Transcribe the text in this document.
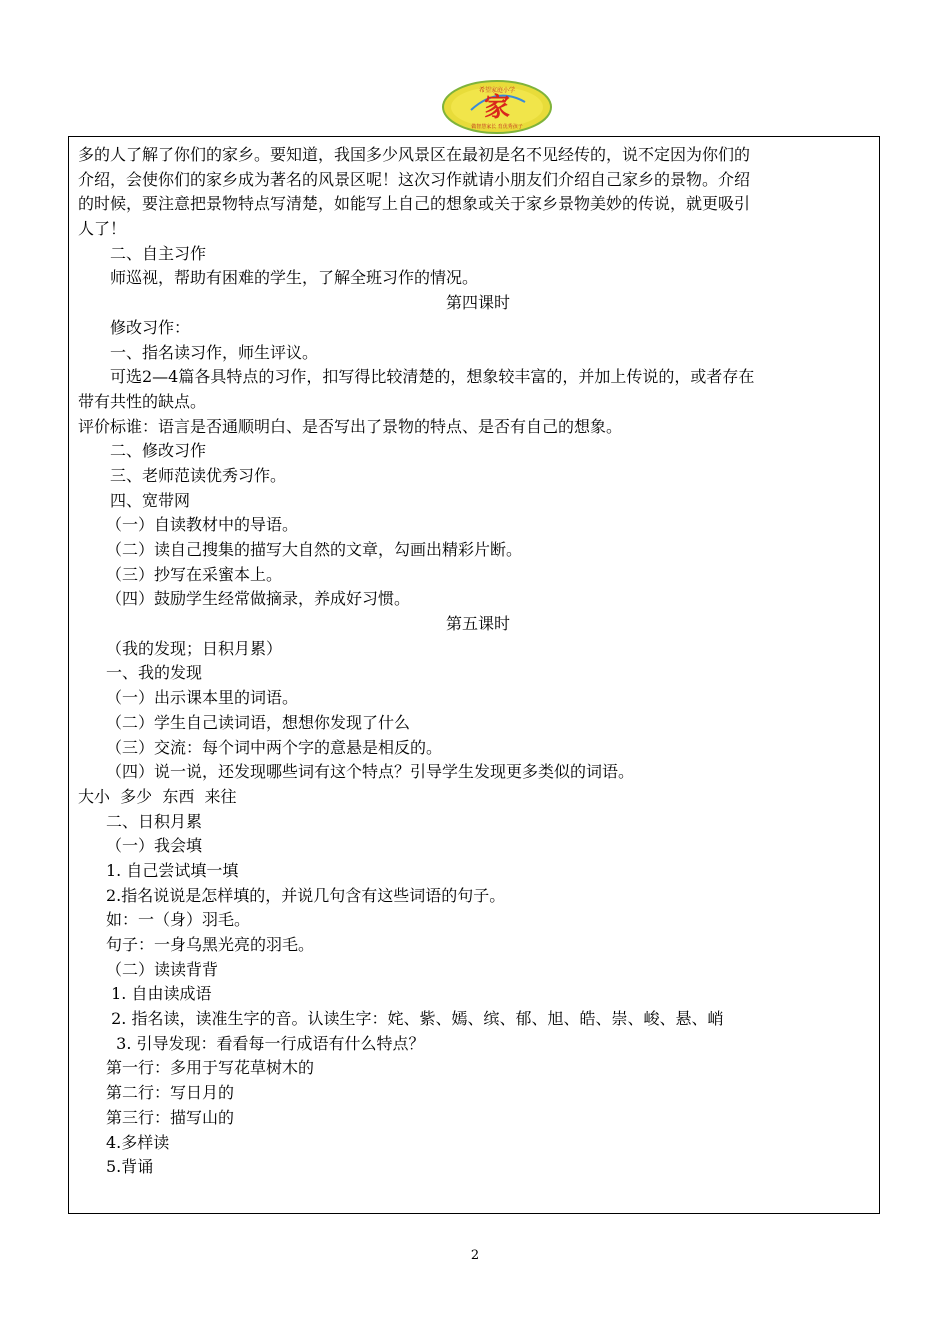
家
希望家庭小学
做智慧家长 育优秀孩子
多的人了解了你们的家乡。要知道，我国多少风景区在最初是名不见经传的，说不定因为你们的
介绍，会使你们的家乡成为著名的风景区呢！这次习作就请小朋友们介绍自己家乡的景物。介绍
的时候，要注意把景物特点写清楚，如能写上自己的想象或关于家乡景物美妙的传说，就更吸引
人了！
二、自主习作
师巡视，帮助有困难的学生，了解全班习作的情况。
第四课时
修改习作：
一、指名读习作，师生评议。
可选2—4篇各具特点的习作，扣写得比较清楚的，想象较丰富的，并加上传说的，或者存在
带有共性的缺点。
评价标谁：语言是否通顺明白、是否写出了景物的特点、是否有自己的想象。
二、修改习作
三、老师范读优秀习作。
四、宽带网
（一）自读教材中的导语。
（二）读自己搜集的描写大自然的文章，勾画出精彩片断。
（三）抄写在采蜜本上。
（四）鼓励学生经常做摘录，养成好习惯。
第五课时
（我的发现；日积月累）
一、我的发现
（一）出示课本里的词语。
（二）学生自己读词语，想想你发现了什么
（三）交流：每个词中两个字的意悬是相反的。
（四）说一说，还发现哪些词有这个特点？引导学生发现更多类似的词语。
大小  多少  东西  来往
二、日积月累
（一）我会填
1. 自己尝试填一填
2.指名说说是怎样填的，并说几句含有这些词语的句子。
如：一（身）羽毛。
句子：一身乌黑光亮的羽毛。
（二）读读背背
1. 自由读成语
2. 指名读，读准生字的音。认读生字：姹、紫、嫣、缤、郁、旭、皓、崇、峻、悬、峭
3. 引导发现：看看每一行成语有什么特点？
第一行：多用于写花草树木的
第二行：写日月的
第三行：描写山的
4.多样读
5.背诵
2
